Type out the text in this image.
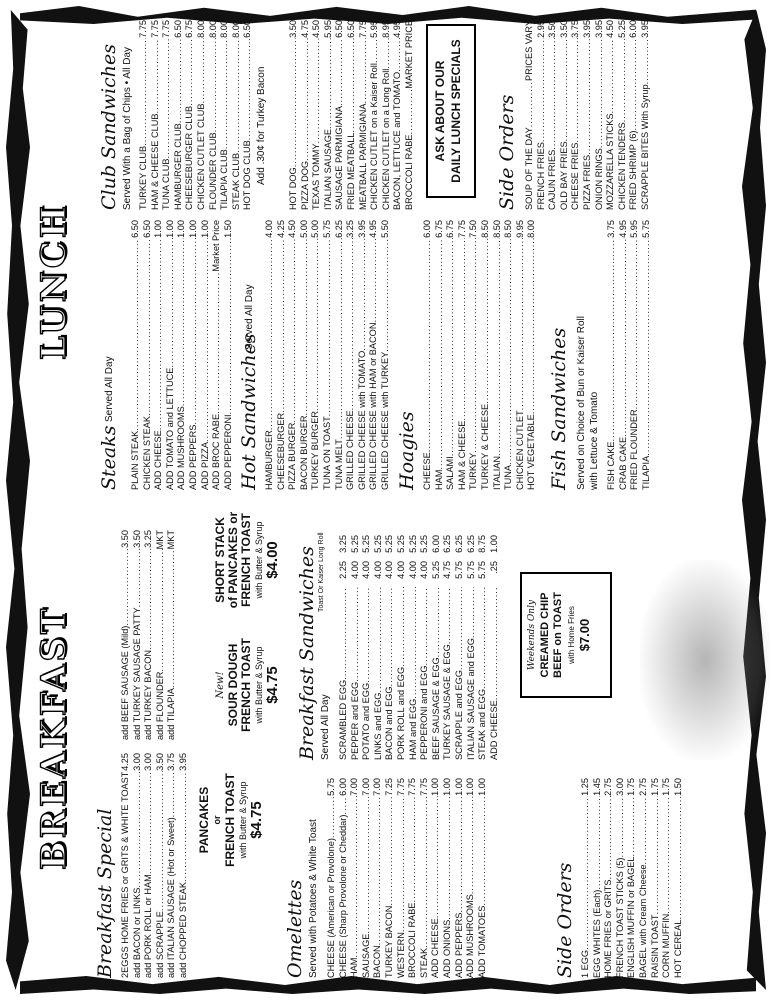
BREAKFAST
LUNCH
Breakfast Special 2EGGS HOME FRIES or GRITS & WHITE TOAST
.....
4.25
add BACON or LINKS
.....
3.00
add PORK ROLL or HAM
.....
3.00
add SCRAPPLE
.....
3.50
add ITALIAN SAUSAGE (Hot or Sweet)
.....
3.75
add CHOPPED STEAK
.....
3.95
add BEEF SAUSAGE (Mild)
.....
3.50
add TURKEY SAUSAGE PATTY
.....
3.50
add TURKEY BACON
.....
3.25
add FLOUNDER
.....
MKT
add TILAPIA
.....
MKT
PANCAKES or FRENCH TOAST with Butter & Syrup $4.75
New! SOUR DOUGH FRENCH TOAST with Butter & Syrup $4.75
SHORT STACK of PANCAKES or FRENCH TOAST with Butter & Syrup $4.00
Omelettes Served with Potatoes & White Toast CHEESE (American or Provolone)
.....
5.75
CHEESE (Sharp Provolone or Cheddar)
.....
6.00
HAM
.....
7.00
SAUSAGE
.....
7.00
BACON
.....
7.00
TURKEY BACON
.....
7.25
WESTERN
.....
7.75
BROCCOLI RABE
.....
7.75
STEAK
.....
7.75
ADD CHEESE
.....
1.00
ADD ONIONS
.....
1.00
ADD PEPPERS
.....
1.00
ADD MUSHROOMS
.....
1.00
ADD TOMATOES
.....
1.00
Side Orders 1 EGG
.....
1.25
EGG WHITES (Each)
.....
1.45
HOME FRIES or GRITS
.....
2.75
FRENCH TOAST STICKS (5)
.....
3.00
ENGLISH MUFFIN or BAGEL
.....
1.75
BAGEL with Cream Cheese
.....
2.75
RAISIN TOAST
.....
1.75
CORN MUFFIN
.....
1.75
HOT CEREAL
.....
1.50
Breakfast Sandwiches Served All Day
Toast Or Kaiser
Long Roll
SCRAMBLED EGG
.....
2.25
3.25
PEPPER and EGG
.....
4.00
5.25
POTATO and EGG
.....
4.00
5.25
LINKS and EGG
.....
4.00
5.25
BACON and EGG
.....
4.00
5.25
PORK ROLL and EGG
.....
4.00
5.25
HAM and EGG
.....
4.00
5.25
PEPPERONI and EGG
.....
4.00
5.25
BEEF SAUSAGE & EGG
.....
5.25
6.00
TURKEY SAUSAGE & EGG
.....
4.75
6.25
SCRAPPLE and EGG
.....
5.75
6.25
ITALIAN SAUSAGE and EGG
.....
5.75
6.25
STEAK and EGG
.....
5.75
8.75
ADD CHEESE
.....
.25
1.00
Weekends Only CREAMED CHIP BEEF on TOAST with Home Fries $7.00
Steaks
Served All Day
PLAIN STEAK
.....
6.50
CHICKEN STEAK
.....
6.50
ADD CHEESE
.....
1.00
ADD TOMATO and LETTUCE
.....
1.00
ADD MUSHROOMS
.....
1.00
ADD PEPPERS
.....
1.00
ADD PIZZA
.....
1.00
ADD BROC RABE
.....
Market Price
ADD PEPPERONI
.....
1.50
Hot Sandwiches
Served All Day
HAMBURGER
.....
4.00
CHEESEBURGER
.....
4.25
PIZZA BURGER
.....
4.50
BACON BURGER
.....
5.00
TURKEY BURGER
.....
5.00
TUNA ON TOAST
.....
5.75
TUNA MELT
.....
6.25
GRILLED CHEESE
.....
3.25
GRILLED CHEESE with TOMATO
.....
3.95
GRILLED CHEESE with HAM or BACON
.....
4.95
GRILLED CHEESE with TURKEY
.....
5.50
Hoagies CHEESE
.....
6.00
HAM
.....
6.75
SALAMI
.....
6.75
HAM & CHEESE
.....
7.75
TURKEY
.....
7.50
TURKEY & CHEESE
.....
8.50
ITALIAN
.....
8.50
TUNA
.....
8.50
CHICKEN CUTLET
.....
9.95
HOT VEGETABLE
.....
8.00
Fish Sandwiches Served on Choice of Bun or Kaiser Roll with Lettuce & Tomato FISH CAKE
.....
3.75
CRAB CAKE
.....
4.95
FRIED FLOUNDER
.....
5.95
TILAPIA
.....
5.75
Club Sandwiches Served With a Bag of Chips • All Day TURKEY CLUB
.....
7.75
HAM & CHEESE CLUB
.....
7.75
TUNA CLUB
.....
7.75
HAMBURGER CLUB
.....
6.50
CHEESEBURGER CLUB
.....
6.75
CHICKEN CUTLET CLUB
.....
8.00
FLOUNDER CLUB
.....
8.00
TILAPIA CLUB
.....
8.00
STEAK CLUB
.....
8.00
HOT DOG CLUB
.....
6.50
Add .30¢ for Turkey Bacon
HOT DOG
.....
3.50
PIZZA DOG
.....
4.75
TEXAS TOMMY
.....
4.50
ITALIAN SAUSAGE
.....
5.95
SAUSAGE PARMIGIANA
.....
6.50
FRIED MEATBALL
.....
6.50
MEATBALL PARMIGIANA
.....
7.75
CHICKEN CUTLET on a Kaiser Roll
.....
5.95
CHICKEN CUTLET on a Long Roll
.....
8.95
BACON, LETTUCE and TOMATO
.....
4.95
BROCCOLI RABE
.....
MARKET PRICE
ASK ABOUT OUR DAILY LUNCH SPECIALS Side Orders SOUP OF THE DAY
.....
PRICES VARY
FRENCH FRIES
.....
2.95
CAJUN FRIES
.....
3.50
OLD BAY FRIES
.....
3.50
CHEESE FRIES
.....
3.75
PIZZA FRIES
.....
3.95
ONION RINGS
.....
3.95
MOZZARELLA STICKS
.....
4.50
CHICKEN TENDERS
.....
5.25
FRIED SHRIMP (6)
.....
6.00
SCRAPPLE BITES With Syrup
.....
3.95
